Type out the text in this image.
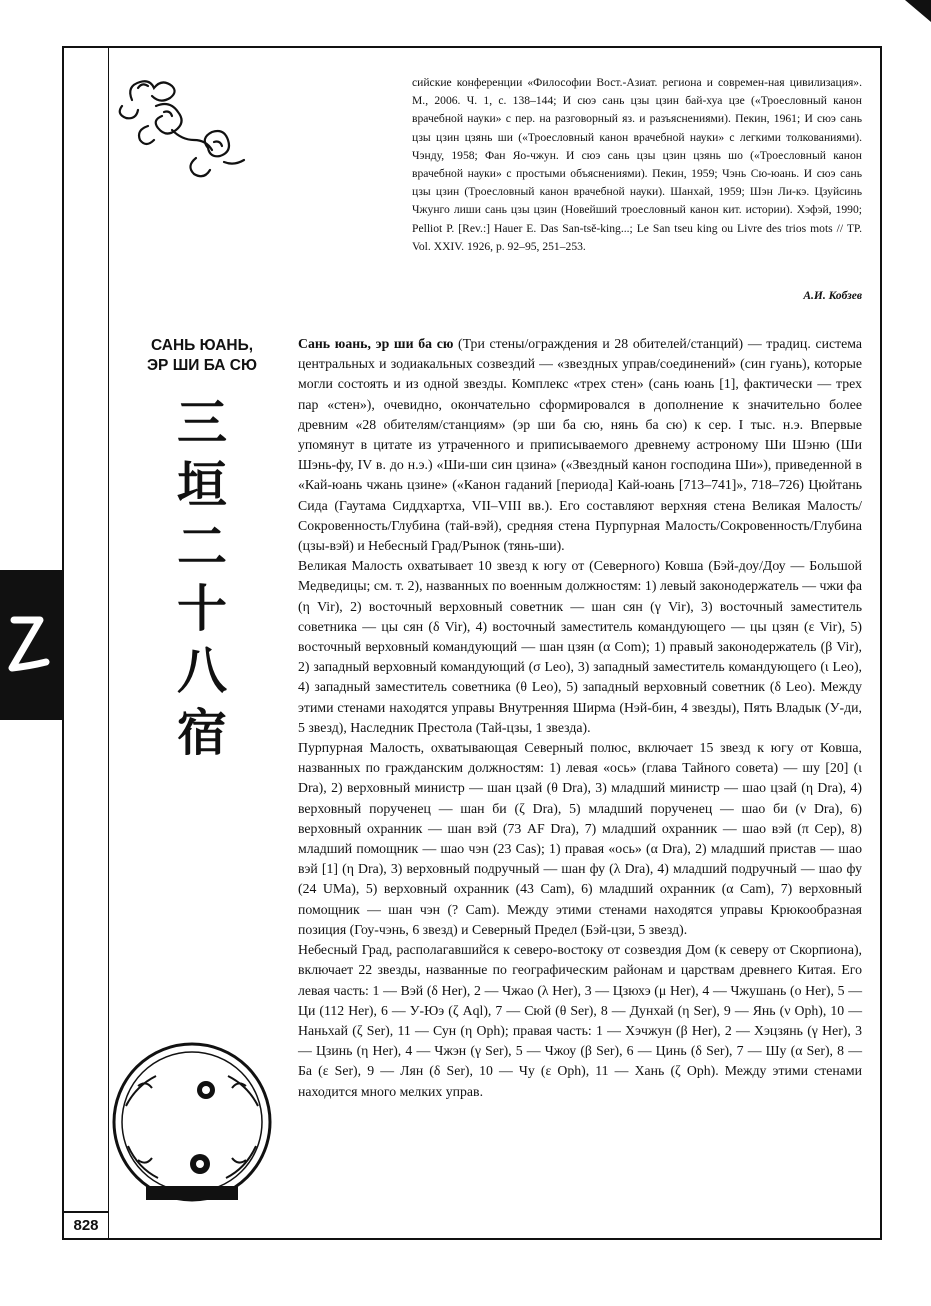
сийские конференции «Философии Вост.-Азиат. региона и современ-ная цивилизация». М., 2006. Ч. 1, с. 138–144; И сюэ сань цзы цзин бай-хуа цзе («Троесловный канон врачебной науки» с пер. на разговорный яз. и разъяснениями). Пекин, 1961; И сюэ сань цзы цзин цзянь ши («Троесловный канон врачебной науки» с легкими толкованиями). Чэнду, 1958; Фан Яо-чжун. И сюэ сань цзы цзин цзянь шо («Троесловный канон врачебной науки» с простыми объяснениями). Пекин, 1959; Чэнь Сю-юань. И сюэ сань цзы цзин (Троесловный канон врачебной науки). Шанхай, 1959; Шэн Ли-кэ. Цзуйсинь Чжунго лиши сань цзы цзин (Новейший троесловный канон кит. истории). Хэфэй, 1990; Pelliot P. [Rev.:] Hauer E. Das San-tsě-king...; Le San tseu king ou Livre des trios mots // TP. Vol. XXIV. 1926, p. 92–95, 251–253.
А.И. Кобзев
САНЬ ЮАНЬ,
ЭР ШИ БА СЮ
三
垣
二
十
八
宿

Сань юань, эр ши ба сю (Три стены/ограждения и 28 обителей/станций) — традиц. система центральных и зодиакальных созвездий — «звездных управ/соединений» (син гуань), которые могли состоять и из одной звезды. Комплекс «трех стен» (сань юань [1], фактически — трех пар «стен»), очевидно, окончательно сформировался в дополнение к значительно более древним «28 обителям/станциям» (эр ши ба сю, нянь ба сю) к сер. I тыс. н.э. Впервые упомянут в цитате из утраченного и приписываемого древнему астроному Ши Шэню (Ши Шэнь-фу, IV в. до н.э.) «Ши-ши син цзина» («Звездный канон господина Ши»), приведенной в «Кай-юань чжань цзине» («Канон гаданий [периода] Кай-юань [713–741]», 718–726) Цюйтань Сида (Гаутама Сиддхартха, VII–VIII вв.). Его составляют верхняя стена Великая Малость/Сокровенность/Глубина (тай-вэй), средняя стена Пурпурная Малость/Сокровенность/Глубина (цзы-вэй) и Небесный Град/Рынок (тянь-ши).

Великая Малость охватывает 10 звезд к югу от (Северного) Ковша (Бэй-доу/Доу — Большой Медведицы; см. т. 2), названных по военным должностям: 1) левый законодержатель — чжи фа (η Vir), 2) восточный верховный советник — шан сян (γ Vir), 3) восточный заместитель советника — цы сян (δ Vir), 4) восточный заместитель командующего — цы цзян (ε Vir), 5) восточный верховный командующий — шан цзян (α Com); 1) правый законодержатель (β Vir), 2) западный верховный командующий (σ Leo), 3) западный заместитель командующего (ι Leo), 4) западный заместитель советника (θ Leo), 5) западный верховный советник (δ Leo). Между этими стенами находятся управы Внутренняя Ширма (Нэй-бин, 4 звезды), Пять Владык (У-ди, 5 звезд), Наследник Престола (Тай-цзы, 1 звезда).

Пурпурная Малость, охватывающая Северный полюс, включает 15 звезд к югу от Ковша, названных по гражданским должностям: 1) левая «ось» (глава Тайного совета) — шу [20] (ι Dra), 2) верховный министр — шан цзай (θ Dra), 3) младший министр — шао цзай (η Dra), 4) верховный порученец — шан би (ζ Dra), 5) младший порученец — шао би (ν Dra), 6) верховный охранник — шан вэй (73 AF Dra), 7) младший охранник — шао вэй (π Cep), 8) младший помощник — шао чэн (23 Cas); 1) правая «ось» (α Dra), 2) младший пристав — шао вэй [1] (η Dra), 3) верховный подручный — шан фу (λ Dra), 4) младший подручный — шао фу (24 UMa), 5) верховный охранник (43 Cam), 6) младший охранник (α Cam), 7) верховный помощник — шан чэн (? Cam). Между этими стенами находятся управы Крюкообразная позиция (Гоу-чэнь, 6 звезд) и Северный Предел (Бэй-цзи, 5 звезд).

Небесный Град, располагавшийся к северо-востоку от созвездия Дом (к северу от Скорпиона), включает 22 звезды, названные по географическим районам и царствам древнего Китая. Его левая часть: 1 — Вэй (δ Her), 2 — Чжао (λ Her), 3 — Цзюхэ (μ Her), 4 — Чжушань (ο Her), 5 — Ци (112 Her), 6 — У-Юэ (ζ Aql), 7 — Сюй (θ Ser), 8 — Дунхай (η Ser), 9 — Янь (ν Oph), 10 — Наньхай (ζ Ser), 11 — Сун (η Oph); правая часть: 1 — Хэчжун (β Her), 2 — Хэцзянь (γ Her), 3 — Цзинь (η Her), 4 — Чжэн (γ Ser), 5 — Чжоу (β Ser), 6 — Цинь (δ Ser), 7 — Шу (α Ser), 8 — Ба (ε Ser), 9 — Лян (δ Ser), 10 — Чу (ε Oph), 11 — Хань (ζ Oph). Между этими стенами находится много мелких управ.

828
